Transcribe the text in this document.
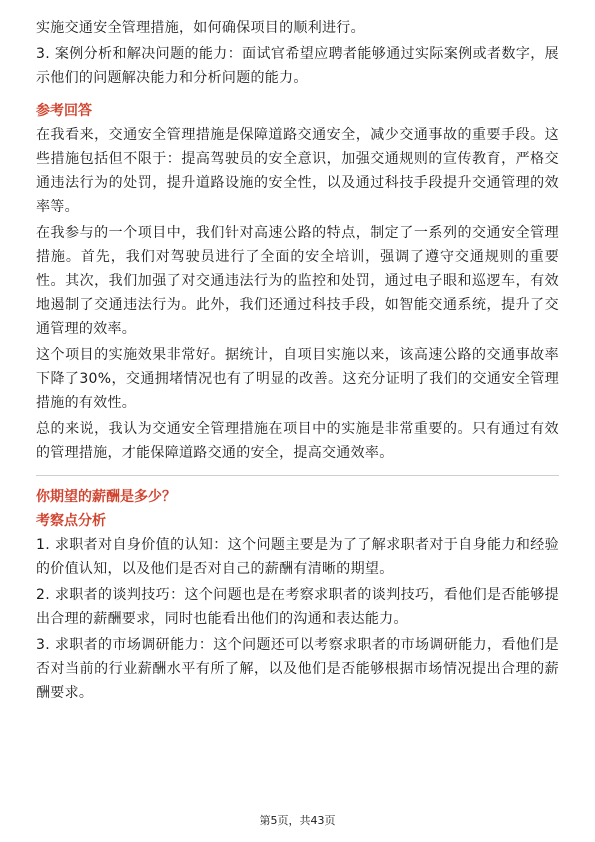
实施交通安全管理措施，如何确保项目的顺利进行。

3. 案例分析和解决问题的能力：面试官希望应聘者能够通过实际案例或者数字，展示他们的问题解决能力和分析问题的能力。

参考回答

在我看来，交通安全管理措施是保障道路交通安全，减少交通事故的重要手段。这些措施包括但不限于：提高驾驶员的安全意识，加强交通规则的宣传教育，严格交通违法行为的处罚，提升道路设施的安全性，以及通过科技手段提升交通管理的效率等。

在我参与的一个项目中，我们针对高速公路的特点，制定了一系列的交通安全管理措施。首先，我们对驾驶员进行了全面的安全培训，强调了遵守交通规则的重要性。其次，我们加强了对交通违法行为的监控和处罚，通过电子眼和巡逻车，有效地遏制了交通违法行为。此外，我们还通过科技手段，如智能交通系统，提升了交通管理的效率。

这个项目的实施效果非常好。据统计，自项目实施以来，该高速公路的交通事故率下降了30%，交通拥堵情况也有了明显的改善。这充分证明了我们的交通安全管理措施的有效性。

总的来说，我认为交通安全管理措施在项目中的实施是非常重要的。只有通过有效的管理措施，才能保障道路交通的安全，提高交通效率。

你期望的薪酬是多少？
考察点分析

1. 求职者对自身价值的认知：这个问题主要是为了了解求职者对于自身能力和经验的价值认知，以及他们是否对自己的薪酬有清晰的期望。

2. 求职者的谈判技巧：这个问题也是在考察求职者的谈判技巧，看他们是否能够提出合理的薪酬要求，同时也能看出他们的沟通和表达能力。

3. 求职者的市场调研能力：这个问题还可以考察求职者的市场调研能力，看他们是否对当前的行业薪酬水平有所了解，以及他们是否能够根据市场情况提出合理的薪酬要求。

第5页，共43页
